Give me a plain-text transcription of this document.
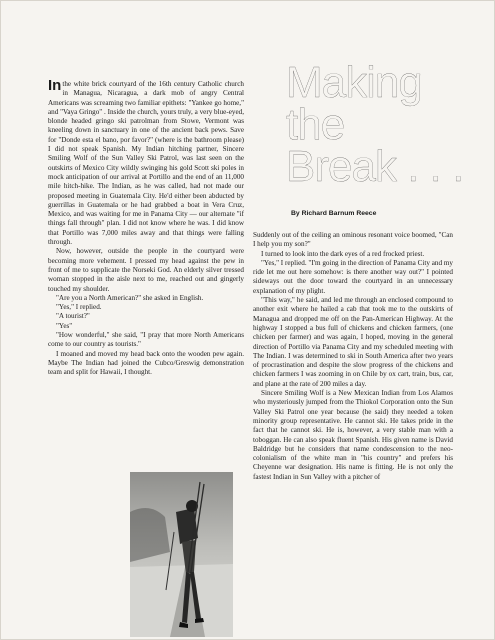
Making
the
Break . . .
By Richard Barnum Reece

In the white brick courtyard of the 16th century Catholic church in Managua, Nicaragua, a dark mob of angry Central Americans was screaming two familiar epithets: "Yankee go home," and "Vaya Gringo" . Inside the church, yours truly, a very blue-eyed, blonde headed gringo ski patrolman from Stowe, Vermont was kneeling down in sanctuary in one of the ancient back pews. Save for "Donde esta el bano, por favor?" (where is the bathroom please) I did not speak Spanish. My Indian hitching partner, Sincere Smiling Wolf of the Sun Valley Ski Patrol, was last seen on the outskirts of Mexico City wildly swinging his gold Scott ski poles in mock anticipation of our arrival at Portillo and the end of an 11,000 mile hitch-hike. The Indian, as he was called, had not made our proposed meeting in Guatemala City. He'd either been abducted by guerrillas in Guatemala or he had grabbed a boat in Vera Cruz, Mexico, and was waiting for me in Panama City — our alternate "if things fall through" plan. I did not know where he was. I did know that Portillo was 7,000 miles away and that things were falling through.

Now, however, outside the people in the courtyard were becoming more vehement. I pressed my head against the pew in front of me to supplicate the Norseki God. An elderly silver tressed woman stopped in the aisle next to me, reached out and gingerly touched my shoulder.

"Are you a North American?" she asked in English.

"Yes," I replied.

"A tourist?"

"Yes"

"How wonderful," she said, "I pray that more North Americans come to our country as tourists."

I moaned and moved my head back onto the wooden pew again. Maybe The Indian had joined the Cubco/Greswig demonstration team and split for Hawaii, I thought.

Suddenly out of the ceiling an ominous resonant voice boomed, "Can I help you my son?"

I turned to look into the dark eyes of a red frocked priest.

"Yes," I replied. "I'm going in the direction of Panama City and my ride let me out here somehow: is there another way out?" I pointed sideways out the door toward the courtyard in an unnecessary explanation of my plight.

"This way," he said, and led me through an enclosed compound to another exit where he hailed a cab that took me to the outskirts of Managua and dropped me off on the Pan-American Highway. At the highway I stopped a bus full of chickens and chicken farmers, (one chicken per farmer) and was again, I hoped, moving in the general direction of Portillo via Panama City and my scheduled meeting with The Indian. I was determined to ski in South America after two years of procrastination and despite the slow progress of the chickens and chicken farmers I was zooming in on Chile by ox cart, train, bus, car, and plane at the rate of 200 miles a day.

Sincere Smiling Wolf is a New Mexican Indian from Los Alamos who mysteriously jumped from the Thiokol Corporation onto the Sun Valley Ski Patrol one year because (he said) they needed a token minority group representative. He cannot ski. He takes pride in the fact that he cannot ski. He is, however, a very stable man with a toboggan. He can also speak fluent Spanish. His given name is David Baldridge but he considers that name condescension to the neo-colonialism of the white man in "his country" and prefers his Cheyenne war designation. His name is fitting. He is not only the fastest Indian in Sun Valley with a pitcher of
